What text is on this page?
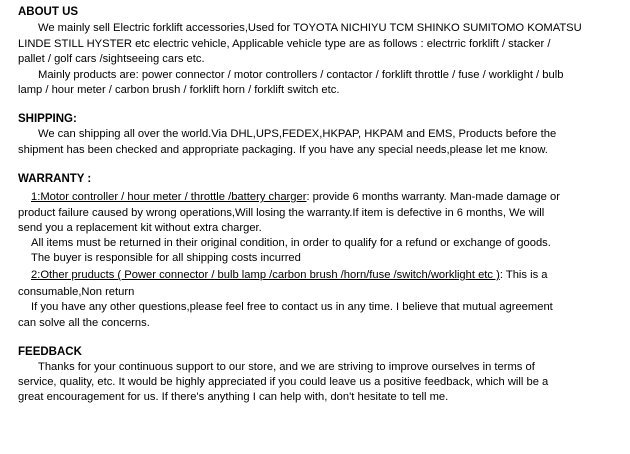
ABOUT US
We mainly sell Electric forklift accessories,Used for TOYOTA NICHIYU TCM SHINKO SUMITOMO KOMATSU
LINDE STILL HYSTER etc electric vehicle, Applicable vehicle type are as follows : electrric forklift / stacker /
pallet / golf cars /sightseeing cars etc.
Mainly products are: power connector / motor controllers / contactor / forklift throttle / fuse / worklight / bulb
lamp / hour meter / carbon brush / forklift horn / forklift switch etc.
SHIPPING:
We can shipping all over the world.Via DHL,UPS,FEDEX,HKPAP, HKPAM and EMS, Products before the
shipment has been checked and appropriate packaging. If you have any special needs,please let me know.
WARRANTY :
1:Motor controller / hour meter / throttle /battery charger: provide 6 months warranty. Man-made damage or
product failure caused by wrong operations,Will losing the warranty.If item is defective in 6 months, We will
send you a replacement kit without extra charger.
All items must be returned in their original condition, in order to qualify for a refund or exchange of goods.
The buyer is responsible for all shipping costs incurred
2:Other pruducts ( Power connector / bulb lamp /carbon brush /horn/fuse /switch/worklight etc ): This is a
consumable,Non return
If you have any other questions,please feel free to contact us in any time. I believe that mutual agreement
can solve all the concerns.
FEEDBACK
Thanks for your continuous support to our store, and we are striving to improve ourselves in terms of
service, quality, etc. It would be highly appreciated if you could leave us a positive feedback, which will be a
great encouragement for us. If there's anything I can help with, don't hesitate to tell me.
